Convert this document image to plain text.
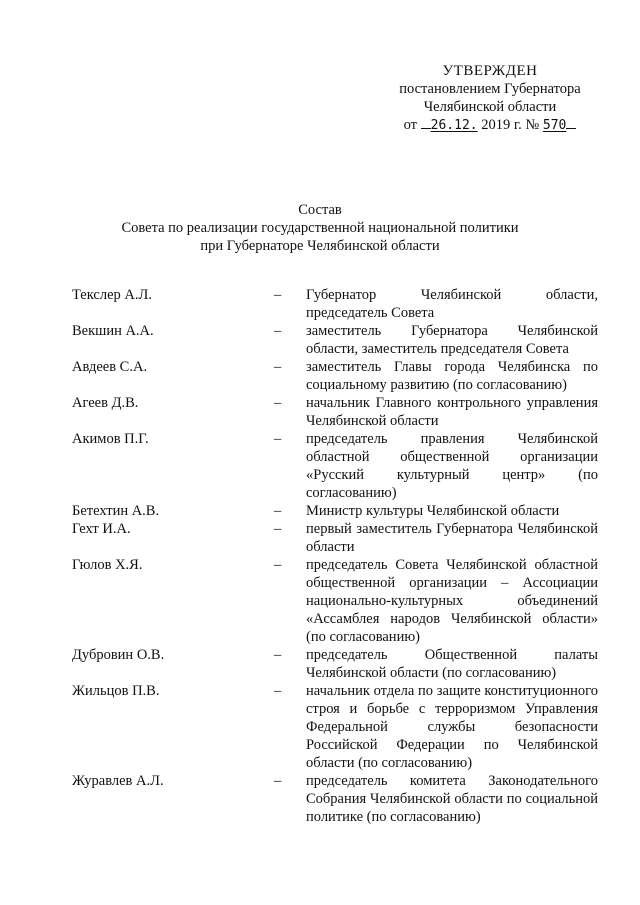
УТВЕРЖДЕН
постановлением Губернатора
Челябинской области
от 26.12. 2019 г. № 570
Состав
Совета по реализации государственной национальной политики
при Губернаторе Челябинской области
Текслер А.Л.	–	Губернатор Челябинской области, председатель Совета
Векшин А.А.	–	заместитель Губернатора Челябинской области, заместитель председателя Совета
Авдеев С.А.	–	заместитель Главы города Челябинска по социальному развитию (по согласованию)
Агеев Д.В.	–	начальник Главного контрольного управления Челябинской области
Акимов П.Г.	–	председатель правления Челябинской областной общественной организации «Русский культурный центр» (по согласованию)
Бетехтин А.В.	–	Министр культуры Челябинской области
Гехт И.А.	–	первый заместитель Губернатора Челябинской области
Гюлов Х.Я.	–	председатель Совета Челябинской областной общественной организации – Ассоциации национально-культурных объединений «Ассамблея народов Челябинской области» (по согласованию)
Дубровин О.В.	–	председатель Общественной палаты Челябинской области (по согласованию)
Жильцов П.В.	–	начальник отдела по защите конституционного строя и борьбе с терроризмом Управления Федеральной службы безопасности Российской Федерации по Челябинской области (по согласованию)
Журавлев А.Л.	–	председатель комитета Законодательного Собрания Челябинской области по социальной политике (по согласованию)
